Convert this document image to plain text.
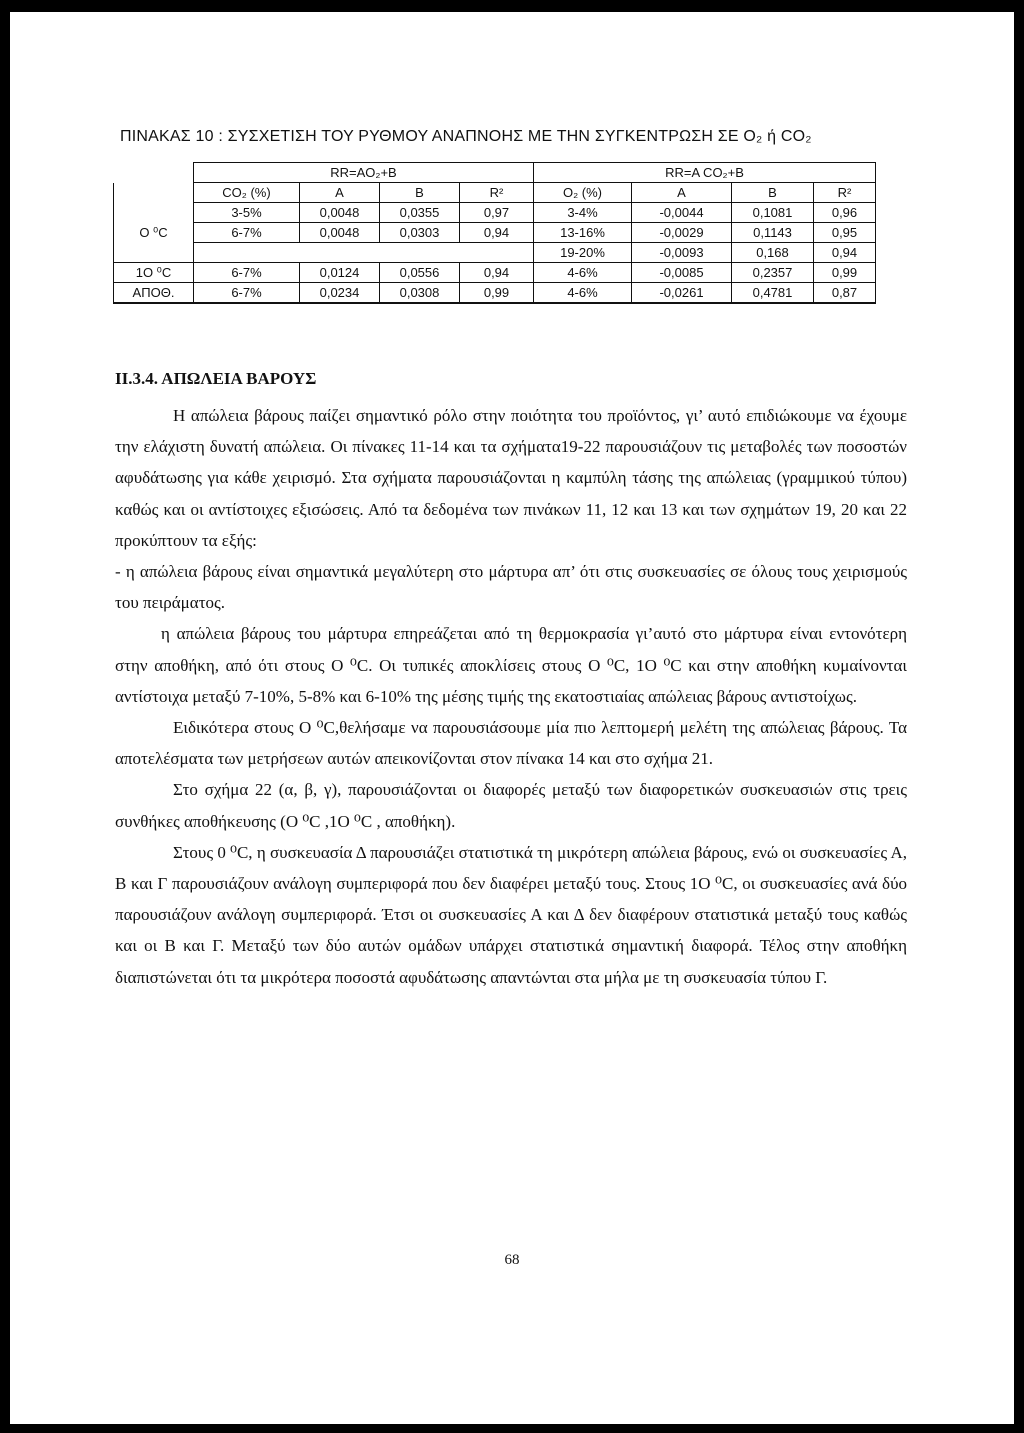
ΠΙΝΑΚΑΣ 10 : ΣΥΣΧΕΤΙΣΗ ΤΟΥ ΡΥΘΜΟΥ ΑΝΑΠΝΟΗΣ ΜΕ ΤΗΝ ΣΥΓΚΕΝΤΡΩΣΗ ΣΕ O₂ ή CO₂
	RR=AO₂+B				RR=A CO₂+B			
	CO₂ (%)	A	B	R²	O₂ (%)	A	B	R²
	3-5%	0,0048	0,0355	0,97	3-4%	-0,0044	0,1081	0,96
O ⁰C	6-7%	0,0048	0,0303	0,94	13-16%	-0,0029	0,1143	0,95
					19-20%	-0,0093	0,168	0,94
1O ⁰C	6-7%	0,0124	0,0556	0,94	4-6%	-0,0085	0,2357	0,99
ΑΠΟΘ.	6-7%	0,0234	0,0308	0,99	4-6%	-0,0261	0,4781	0,87
ΙΙ.3.4. ΑΠΩΛΕΙΑ ΒΑΡΟΥΣ

Η απώλεια βάρους παίζει σημαντικό ρόλο στην ποιότητα του προϊόντος, γι’ αυτό επιδιώκουμε να έχουμε την ελάχιστη δυνατή απώλεια. Οι πίνακες 11-14 και τα σχήματα19-22 παρουσιάζουν τις μεταβολές των ποσοστών αφυδάτωσης για κάθε χειρισμό. Στα σχήματα παρουσιάζονται η καμπύλη τάσης της απώλειας (γραμμικού τύπου) καθώς και οι αντίστοιχες εξισώσεις. Από τα δεδομένα των πινάκων 11, 12 και 13 και των σχημάτων 19, 20 και 22 προκύπτουν τα εξής:

- η απώλεια βάρους είναι σημαντικά μεγαλύτερη στο μάρτυρα απ’ ότι στις συσκευασίες σε όλους τους χειρισμούς του πειράματος.

η απώλεια βάρους του μάρτυρα επηρεάζεται από τη θερμοκρασία γι’αυτό στο μάρτυρα είναι εντονότερη στην αποθήκη, από ότι στους O ⁰C. Οι τυπικές αποκλίσεις στους O ⁰C, 1O ⁰C και στην αποθήκη κυμαίνονται αντίστοιχα μεταξύ 7-10%, 5-8% και 6-10% της μέσης τιμής της εκατοστιαίας απώλειας βάρους αντιστοίχως.

Ειδικότερα στους O ⁰C,θελήσαμε να παρουσιάσουμε μία πιο λεπτομερή μελέτη της απώλειας βάρους. Τα αποτελέσματα των μετρήσεων αυτών απεικονίζονται στον πίνακα 14 και στο σχήμα 21.

Στο σχήμα 22 (α, β, γ), παρουσιάζονται οι διαφορές μεταξύ των διαφορετικών συσκευασιών στις τρεις συνθήκες αποθήκευσης (O ⁰C ,1O ⁰C , αποθήκη).

Στους 0 ⁰C, η συσκευασία Δ παρουσιάζει στατιστικά τη μικρότερη απώλεια βάρους, ενώ οι συσκευασίες Α, Β και Γ παρουσιάζουν ανάλογη συμπεριφορά που δεν διαφέρει μεταξύ τους. Στους 1O ⁰C, οι συσκευασίες ανά δύο παρουσιάζουν ανάλογη συμπεριφορά. Έτσι οι συσκευασίες Α και Δ δεν διαφέρουν στατιστικά μεταξύ τους καθώς και οι Β και Γ. Μεταξύ των δύο αυτών ομάδων υπάρχει στατιστικά σημαντική διαφορά. Τέλος στην αποθήκη διαπιστώνεται ότι τα μικρότερα ποσοστά αφυδάτωσης απαντώνται στα μήλα με τη συσκευασία τύπου Γ.

68
